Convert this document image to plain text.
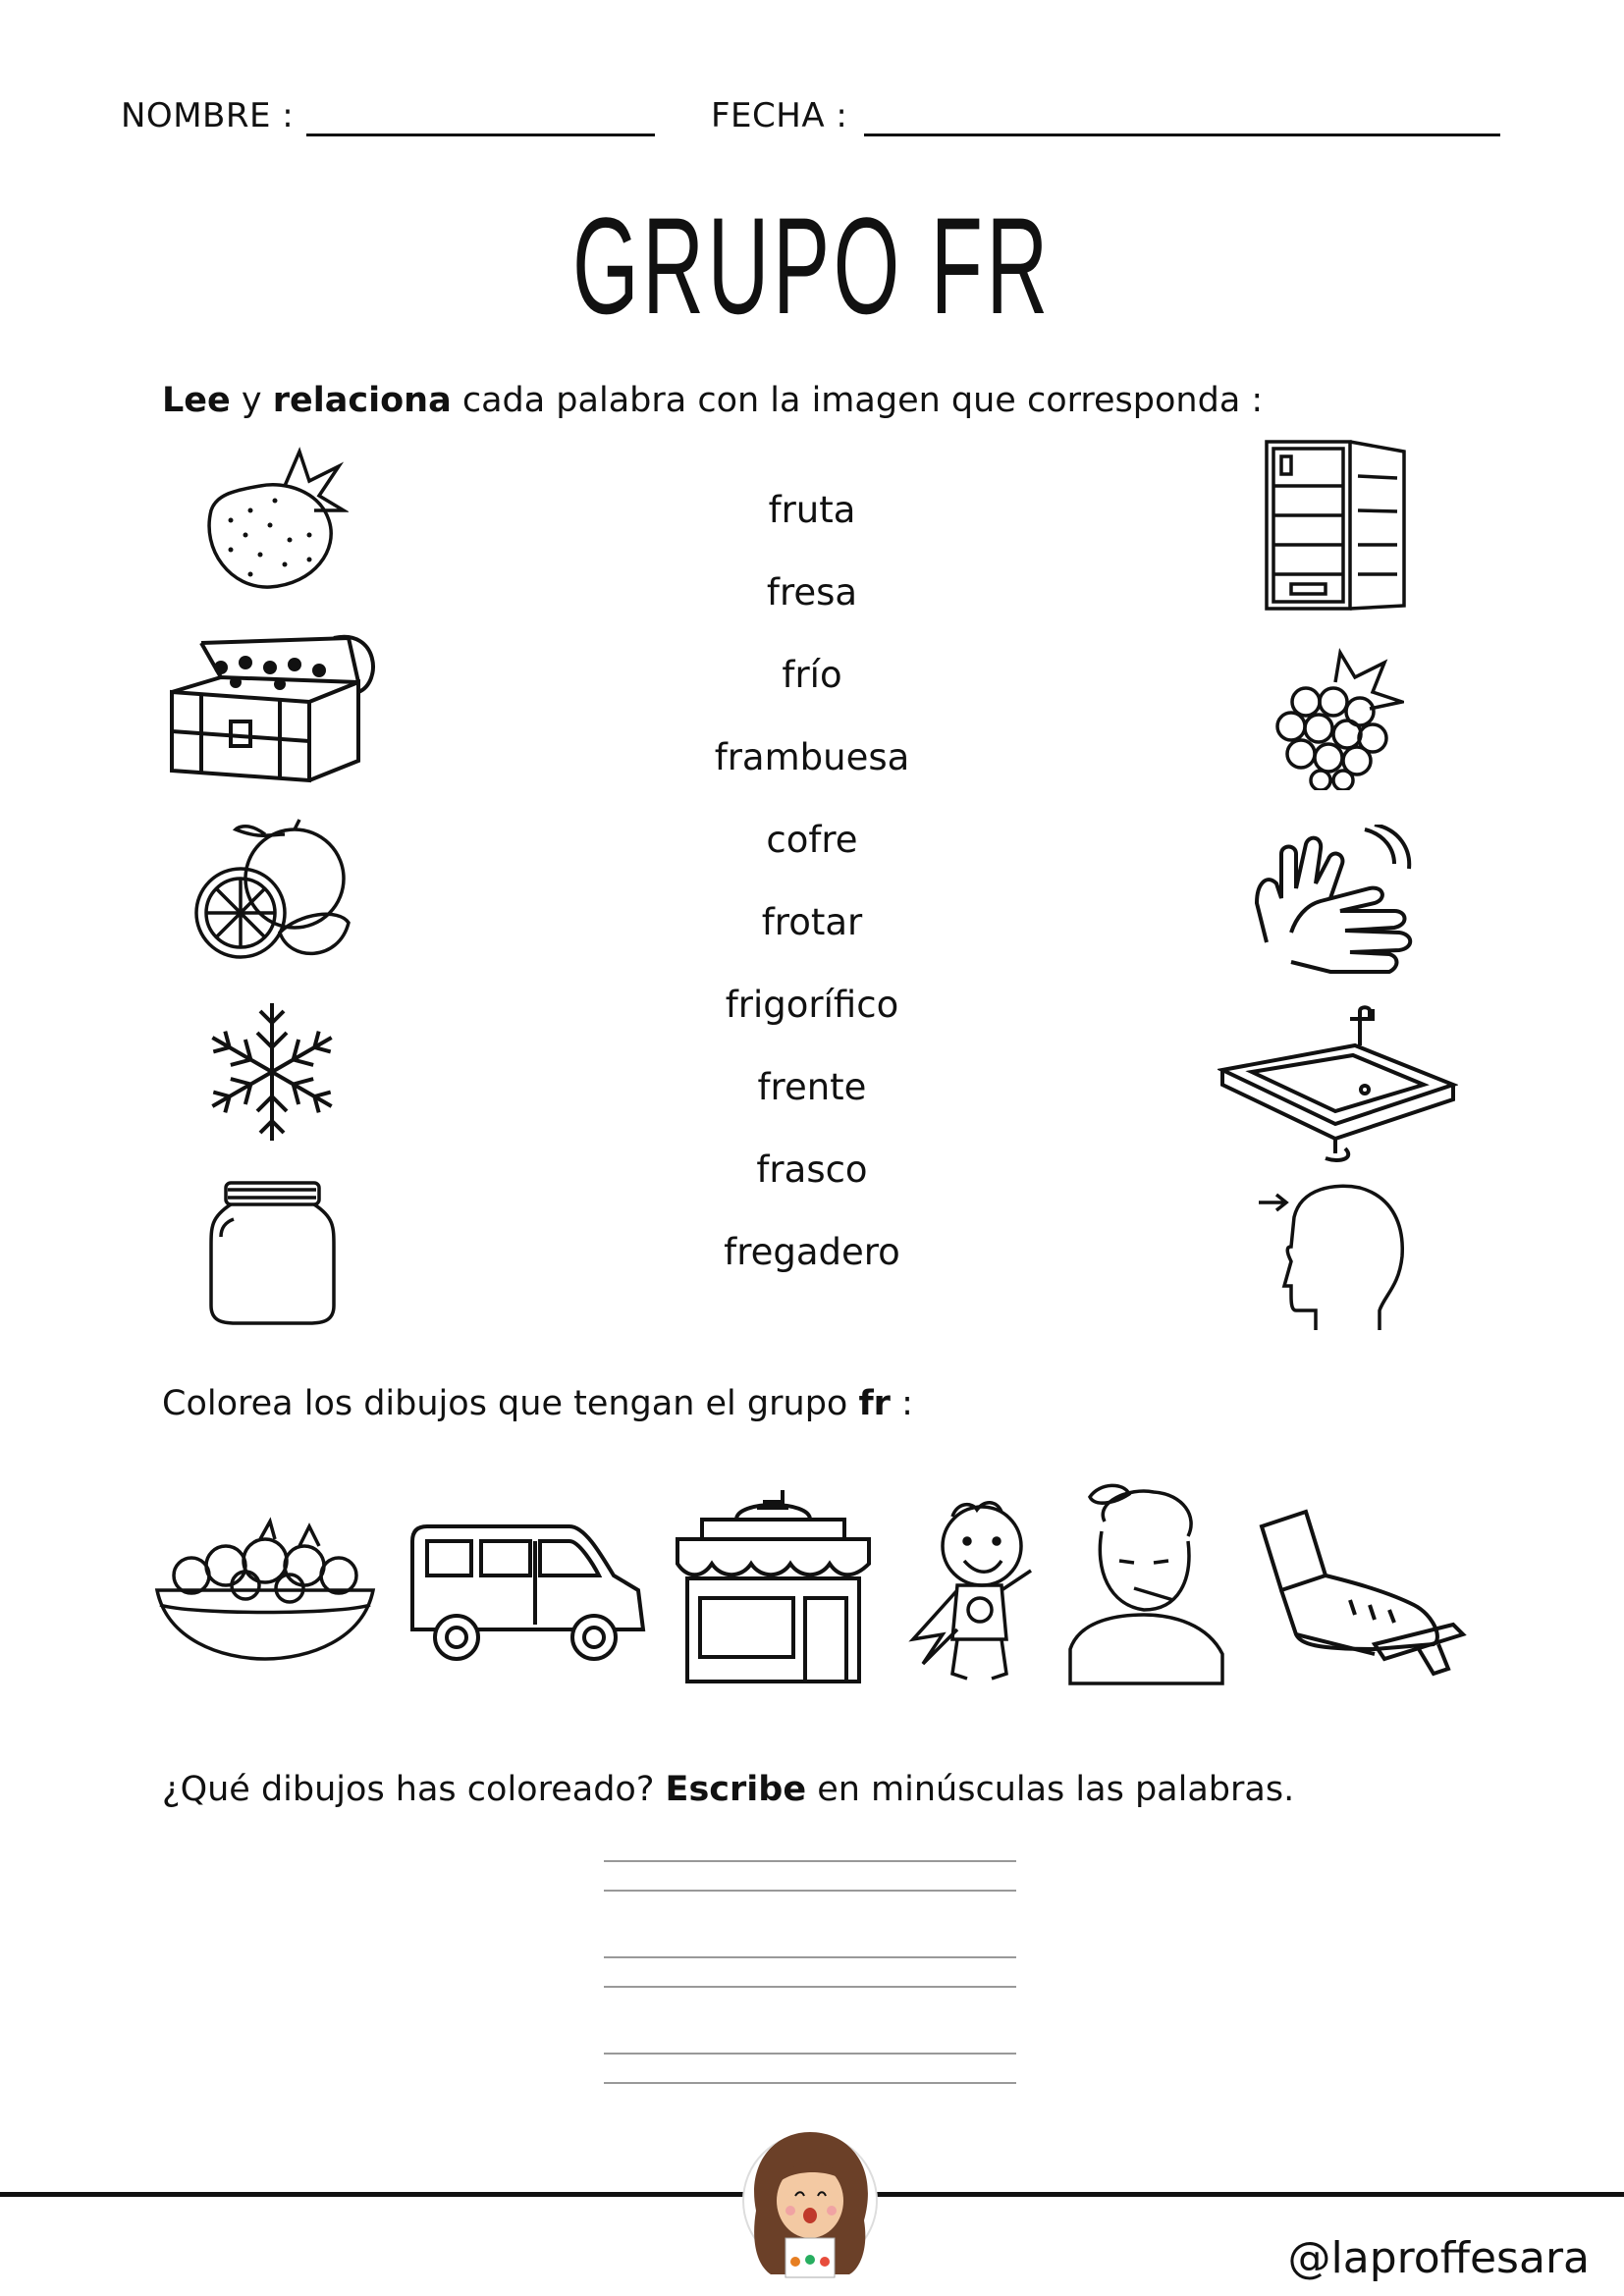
NOMBRE :	FECHA :
GRUPO FR
Lee y relaciona cada palabra con la imagen que corresponda :
fruta
fresa
frío
frambuesa
cofre
frotar
frigorífico
frente
frasco
fregadero
Colorea los dibujos que tengan el grupo fr :
¿Qué dibujos has coloreado? Escribe en minúsculas las palabras.
@laproffesara
